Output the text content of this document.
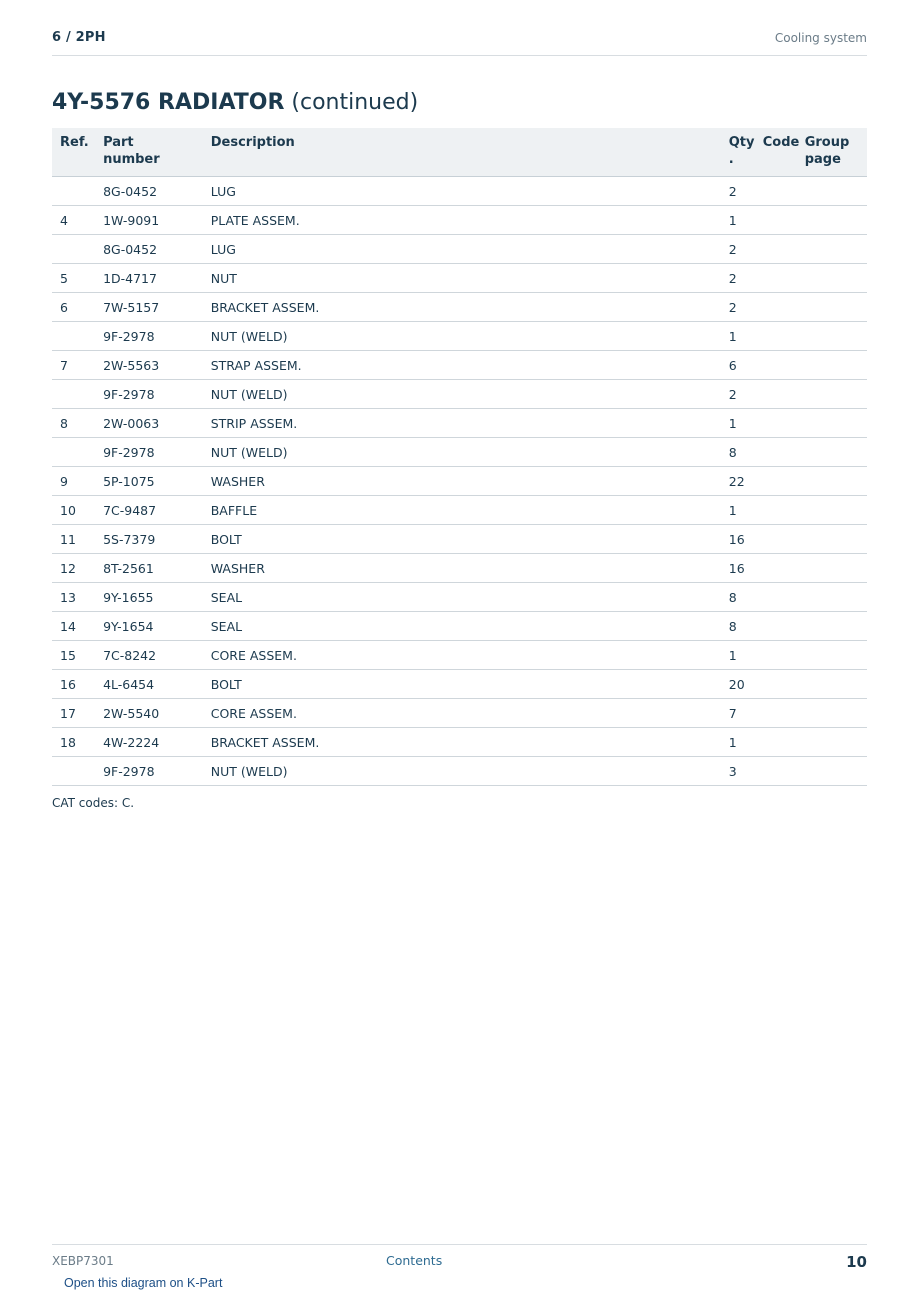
6 / 2PH	Cooling system
4Y-5576 RADIATOR (continued)
Ref.	Part number	Description	Qty .	Code	Group page
	8G-0452	LUG	2		
4	1W-9091	PLATE ASSEM.	1		
	8G-0452	LUG	2		
5	1D-4717	NUT	2		
6	7W-5157	BRACKET ASSEM.	2		
	9F-2978	NUT (WELD)	1		
7	2W-5563	STRAP ASSEM.	6		
	9F-2978	NUT (WELD)	2		
8	2W-0063	STRIP ASSEM.	1		
	9F-2978	NUT (WELD)	8		
9	5P-1075	WASHER	22		
10	7C-9487	BAFFLE	1		
11	5S-7379	BOLT	16		
12	8T-2561	WASHER	16		
13	9Y-1655	SEAL	8		
14	9Y-1654	SEAL	8		
15	7C-8242	CORE ASSEM.	1		
16	4L-6454	BOLT	20		
17	2W-5540	CORE ASSEM.	7		
18	4W-2224	BRACKET ASSEM.	1		
	9F-2978	NUT (WELD)	3		
CAT codes: C.
XEBP7301	Contents	10
Open this diagram on K-Part
